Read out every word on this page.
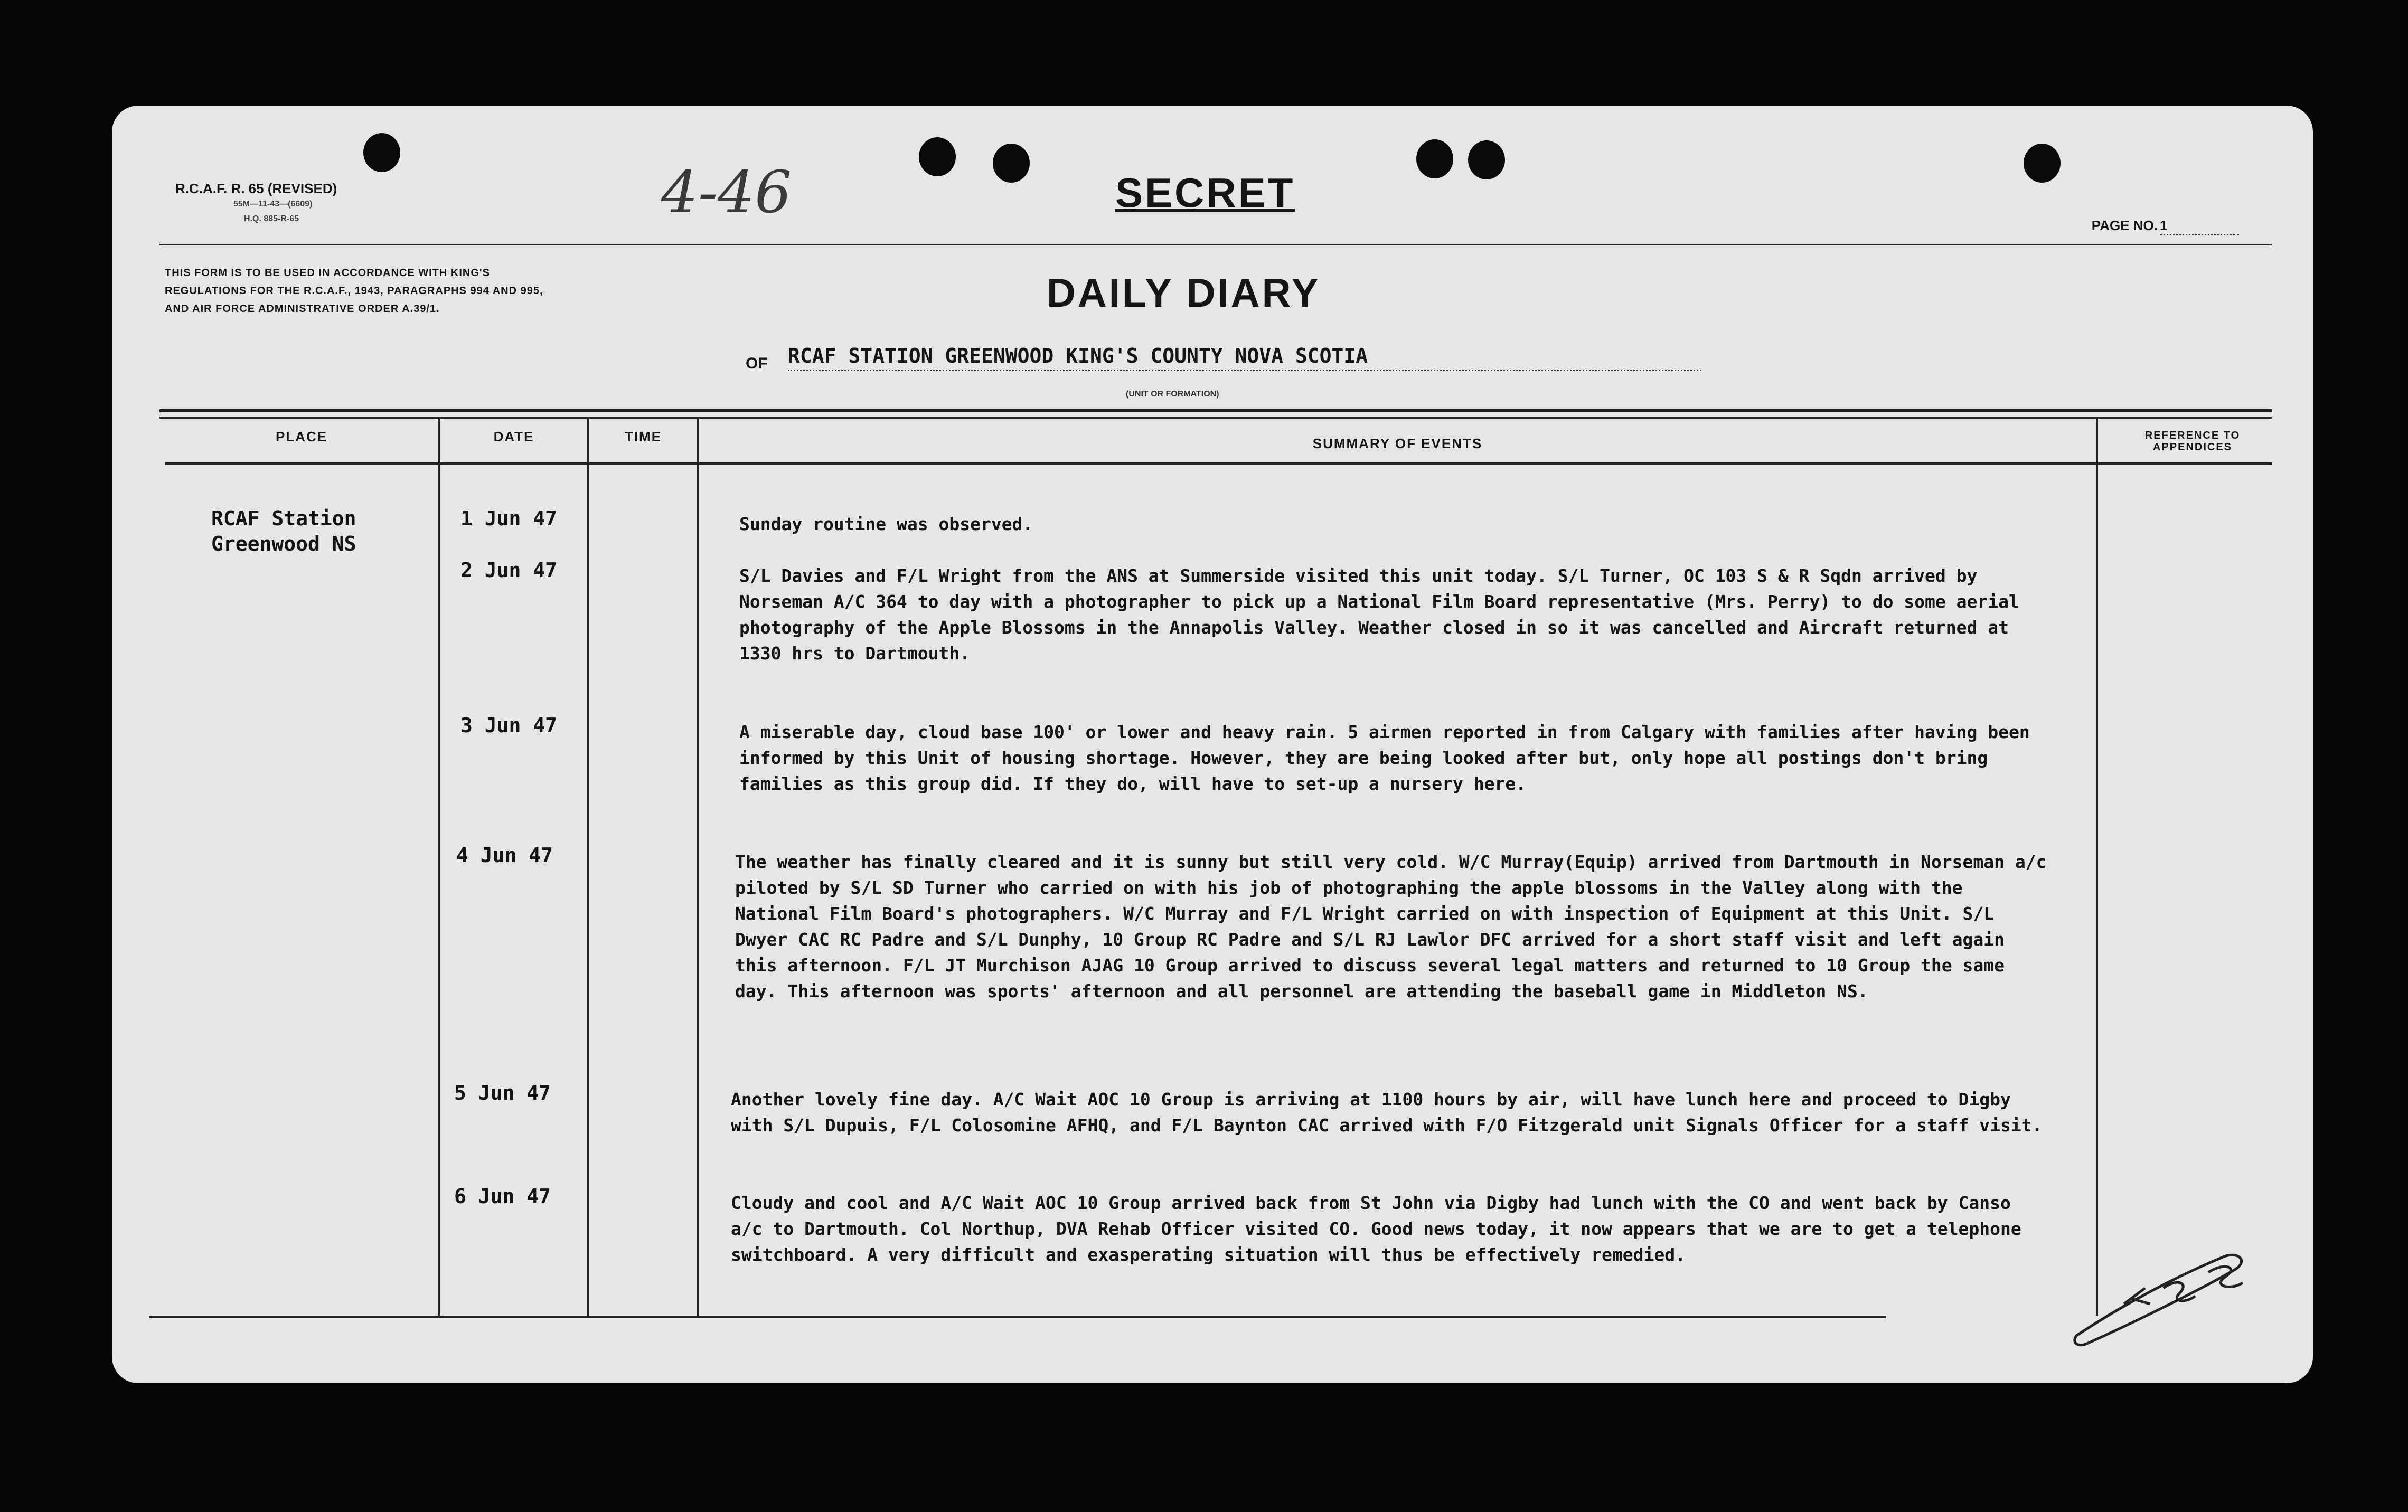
R.C.A.F. R. 65 (REVISED)
55M—11-43—(6609)
H.Q. 885-R-65	4-46	SECRET
PAGE NO. 1
THIS FORM IS TO BE USED IN ACCORDANCE WITH KING'S REGULATIONS FOR THE R.C.A.F., 1943, PARAGRAPHS 994 AND 995, AND AIR FORCE ADMINISTRATIVE ORDER A.39/1.	DAILY DIARY
OF RCAF STATION GREENWOOD KING'S COUNTY NOVA SCOTIA
(UNIT OR FORMATION)
PLACE	DATE	TIME	SUMMARY OF EVENTS	REFERENCE TO APPENDICES
RCAF Station
Greenwood NS
1 Jun 47	Sunday routine was observed.
2 Jun 47	S/L Davies and F/L Wright from the ANS at Summerside visited this unit today. S/L Turner, OC 103 S & R Sqdn arrived by Norseman A/C 364 to day with a photographer to pick up a National Film Board representative (Mrs. Perry) to do some aerial photography of the Apple Blossoms in the Annapolis Valley. Weather closed in so it was cancelled and Aircraft returned at 1330 hrs to Dartmouth.
3 Jun 47	A miserable day, cloud base 100' or lower and heavy rain. 5 airmen reported in from Calgary with families after having been informed by this Unit of housing shortage. However, they are being looked after but, only hope all postings don't bring families as this group did. If they do, will have to set-up a nursery here.
4 Jun 47	The weather has finally cleared and it is sunny but still very cold. W/C Murray(Equip) arrived from Dartmouth in Norseman a/c piloted by S/L SD Turner who carried on with his job of photographing the apple blossoms in the Valley along with the National Film Board's photographers. W/C Murray and F/L Wright carried on with inspection of Equipment at this Unit. S/L Dwyer CAC RC Padre and S/L Dunphy, 10 Group RC Padre and S/L RJ Lawlor DFC arrived for a short staff visit and left again this afternoon. F/L JT Murchison AJAG 10 Group arrived to discuss several legal matters and returned to 10 Group the same day. This afternoon was sports' afternoon and all personnel are attending the baseball game in Middleton NS.
5 Jun 47	Another lovely fine day. A/C Wait AOC 10 Group is arriving at 1100 hours by air, will have lunch here and proceed to Digby with S/L Dupuis, F/L Colosomine AFHQ, and F/L Baynton CAC arrived with F/O Fitzgerald unit Signals Officer for a staff visit.
6 Jun 47	Cloudy and cool and A/C Wait AOC 10 Group arrived back from St John via Digby had lunch with the CO and went back by Canso a/c to Dartmouth. Col Northup, DVA Rehab Officer visited CO. Good news today, it now appears that we are to get a telephone switchboard. A very difficult and exasperating situation will thus be effectively remedied.
